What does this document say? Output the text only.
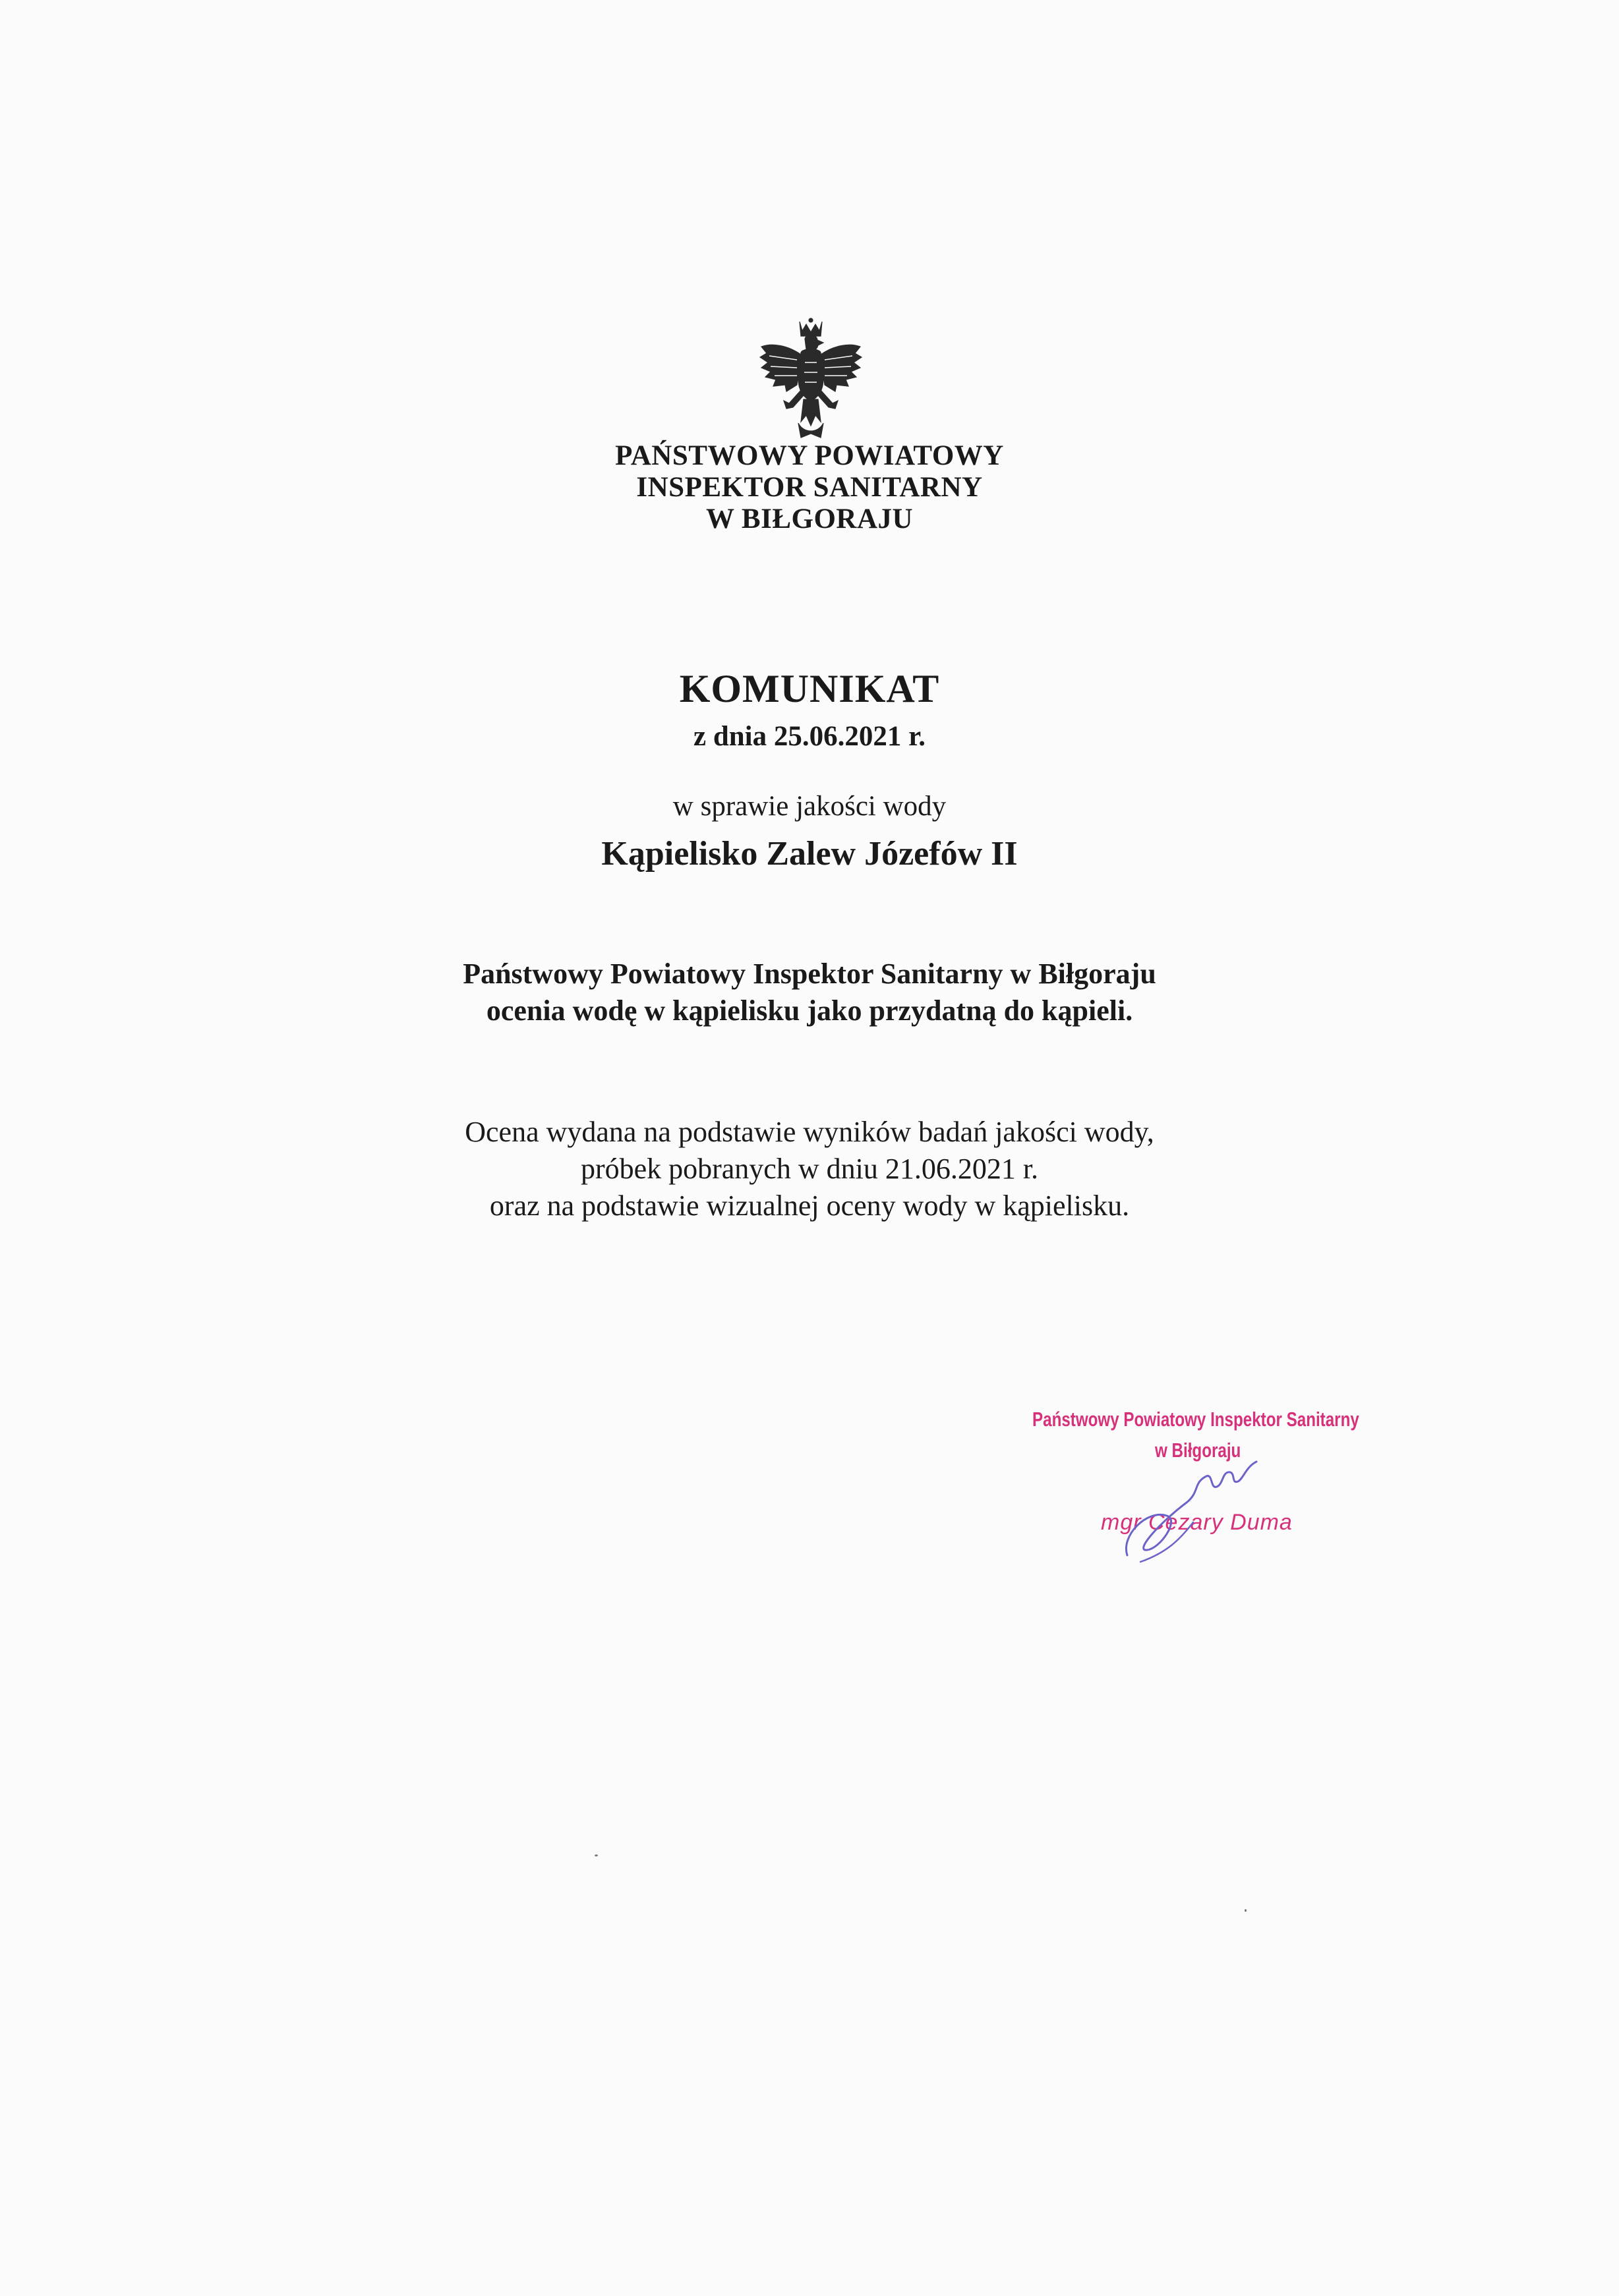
PAŃSTWOWY POWIATOWY
INSPEKTOR SANITARNY
W BIŁGORAJU
KOMUNIKAT
z dnia 25.06.2021 r.
w sprawie jakości wody
Kąpielisko Zalew Józefów II
Państwowy Powiatowy Inspektor Sanitarny w Biłgoraju
ocenia wodę w kąpielisku jako przydatną do kąpieli.
Ocena wydana na podstawie wyników badań jakości wody,
próbek pobranych w dniu 21.06.2021 r.
oraz na podstawie wizualnej oceny wody w kąpielisku.
Państwowy Powiatowy Inspektor Sanitarny
w Biłgoraju
mgr Cezary Duma
